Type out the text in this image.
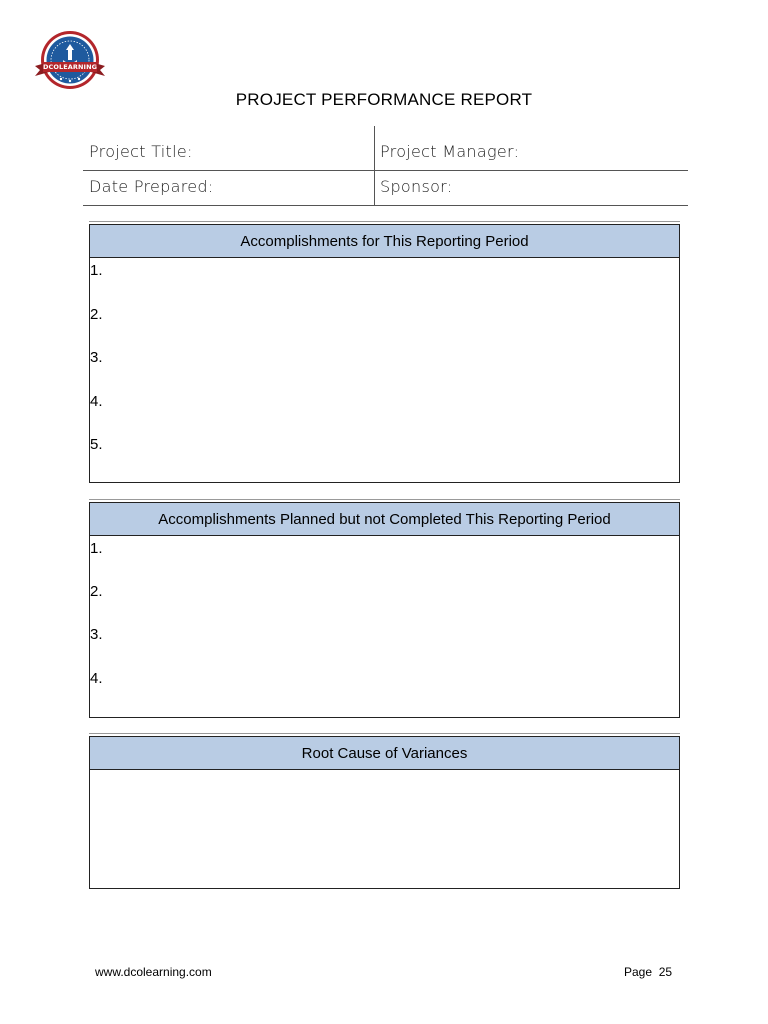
DCOLEARNING
PROJECT PERFORMANCE REPORT
Project Title:	Project Manager:
Date Prepared:	Sponsor:
Accomplishments for This Reporting Period
1.
2.
3.
4.
5.
Accomplishments Planned but not Completed This Reporting Period
1.
2.
3.
4.
Root Cause of Variances
www.dcolearning.com	Page 25
